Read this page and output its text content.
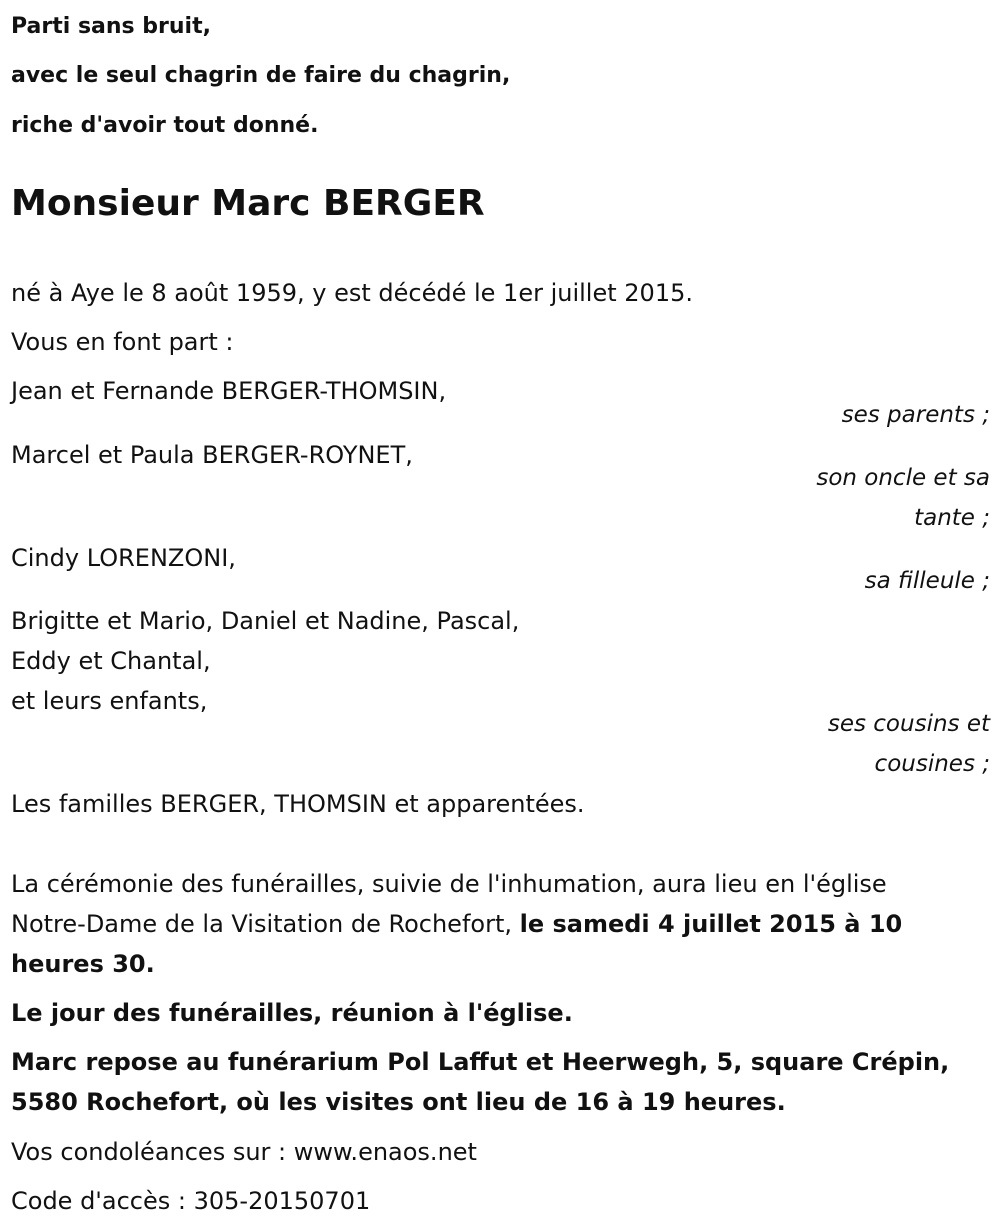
Parti sans bruit,
avec le seul chagrin de faire du chagrin,
riche d'avoir tout donné.
Monsieur Marc BERGER
né à Aye le 8 août 1959, y est décédé le 1er juillet 2015.
Vous en font part :
Jean et Fernande BERGER-THOMSIN,
ses parents ;
Marcel et Paula BERGER-ROYNET,
son oncle et sa
tante ;
Cindy LORENZONI,
sa filleule ;
Brigitte et Mario, Daniel et Nadine, Pascal,
Eddy et Chantal,
et leurs enfants,
ses cousins et
cousines ;
Les familles BERGER, THOMSIN et apparentées.
La cérémonie des funérailles, suivie de l'inhumation, aura lieu en l'église
Notre-Dame de la Visitation de Rochefort, le samedi 4 juillet 2015 à 10
heures 30.
Le jour des funérailles, réunion à l'église.
Marc repose au funérarium Pol Laffut et Heerwegh, 5, square Crépin,
5580 Rochefort, où les visites ont lieu de 16 à 19 heures.
Vos condoléances sur : www.enaos.net
Code d'accès : 305-20150701
